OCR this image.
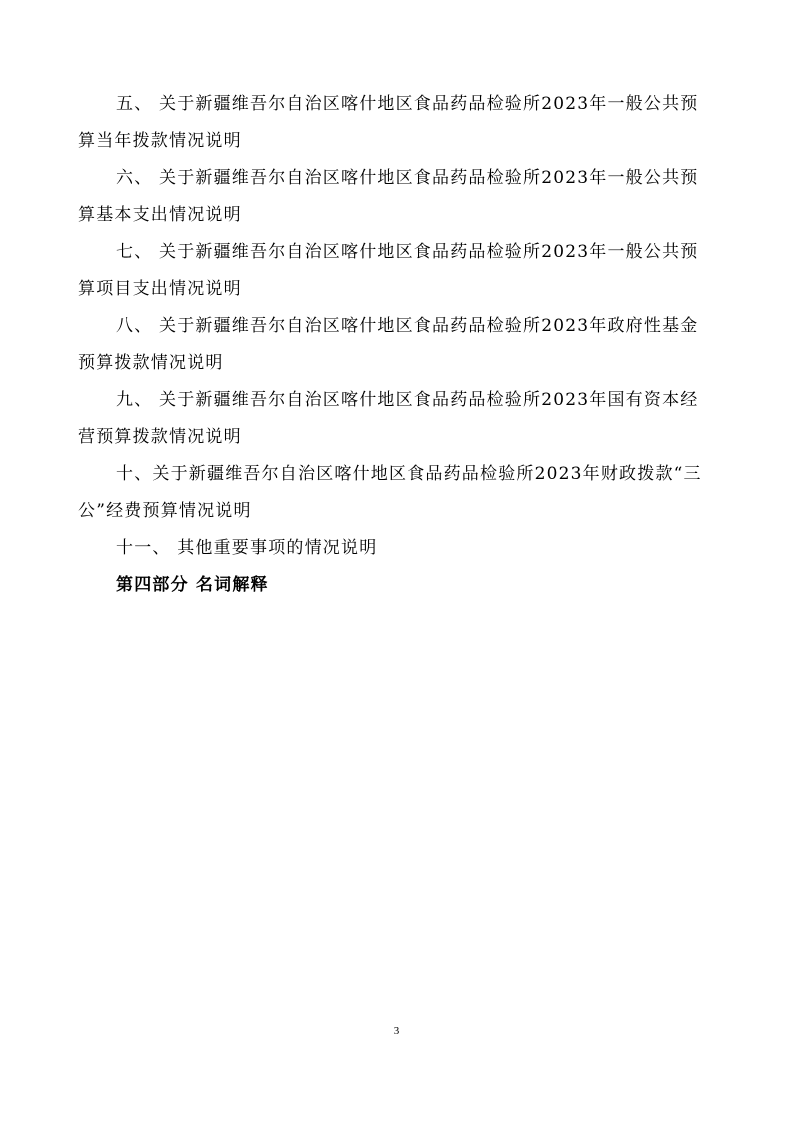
五、 关于新疆维吾尔自治区喀什地区食品药品检验所2023年一般公共预
算当年拨款情况说明

六、 关于新疆维吾尔自治区喀什地区食品药品检验所2023年一般公共预
算基本支出情况说明

七、 关于新疆维吾尔自治区喀什地区食品药品检验所2023年一般公共预
算项目支出情况说明

八、 关于新疆维吾尔自治区喀什地区食品药品检验所2023年政府性基金
预算拨款情况说明

九、 关于新疆维吾尔自治区喀什地区食品药品检验所2023年国有资本经
营预算拨款情况说明

十、关于新疆维吾尔自治区喀什地区食品药品检验所2023年财政拨款“三
公”经费预算情况说明

十一、 其他重要事项的情况说明

第四部分 名词解释

3
